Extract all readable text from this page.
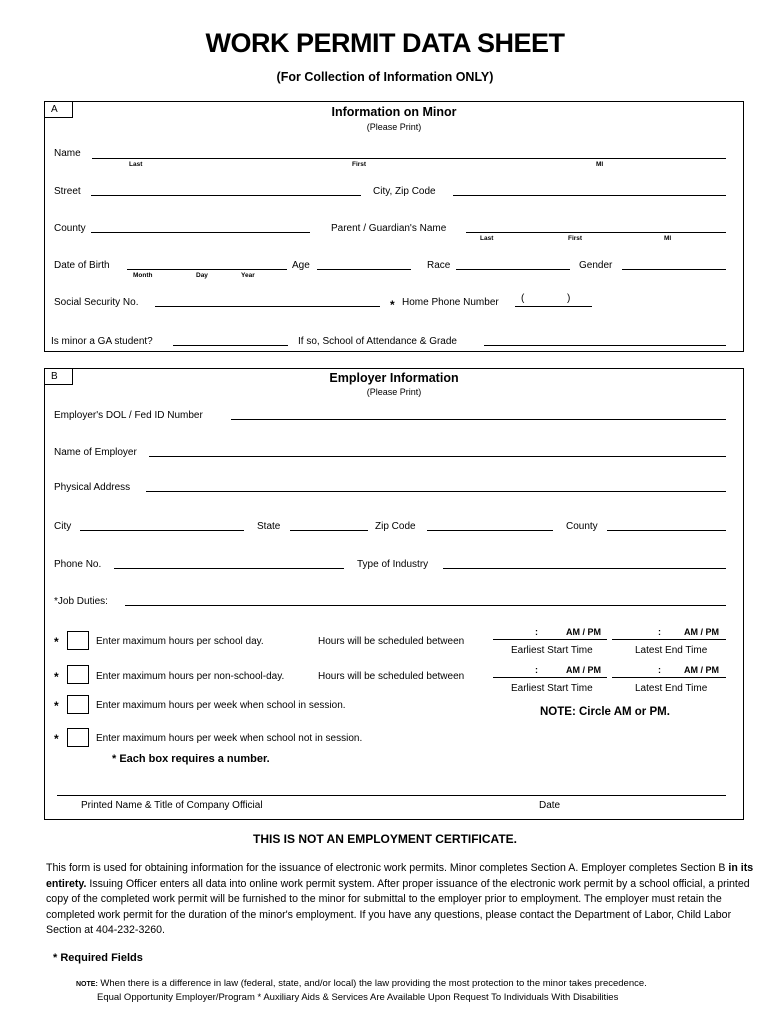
WORK PERMIT DATA SHEET
(For Collection of Information ONLY)
A	Information on Minor
(Please Print)
Name
Last	First	MI
Street	City, Zip Code
County	Parent / Guardian's Name
Last	First	MI
Date of Birth
Month	Day	Year
Age	Race	Gender
Social Security No.	* Home Phone Number (	)
Is minor a GA student?	If so, School of Attendance & Grade
B	Employer Information
(Please Print)
Employer's DOL / Fed ID Number
Name of Employer
Physical Address
City	State	Zip Code	County
Phone No.	Type of Industry
*Job Duties:
*	Enter maximum hours per school day.	Hours will be scheduled between
:	AM / PM	:	AM / PM
Earliest Start Time	Latest End Time
*	Enter maximum hours per non-school-day.	Hours will be scheduled between
:	AM / PM	:	AM / PM
Earliest Start Time	Latest End Time
*	Enter maximum hours per week when school in session.
NOTE: Circle AM or PM.
*	Enter maximum hours per week when school not in session.
* Each box requires a number.
Printed Name & Title of Company Official	Date
THIS IS NOT AN EMPLOYMENT CERTIFICATE.
This form is used for obtaining information for the issuance of electronic work permits. Minor completes Section A. Employer completes Section B in its entirety. Issuing Officer enters all data into online work permit system. After proper issuance of the electronic work permit by a school official, a printed copy of the completed work permit will be furnished to the minor for submittal to the employer prior to employment. The employer must retain the completed work permit for the duration of the minor's employment. If you have any questions, please contact the Department of Labor, Child Labor Section at 404-232-3260.
* Required Fields
NOTE: When there is a difference in law (federal, state, and/or local) the law providing the most protection to the minor takes precedence.
Equal Opportunity Employer/Program * Auxiliary Aids & Services Are Available Upon Request To Individuals With Disabilities
